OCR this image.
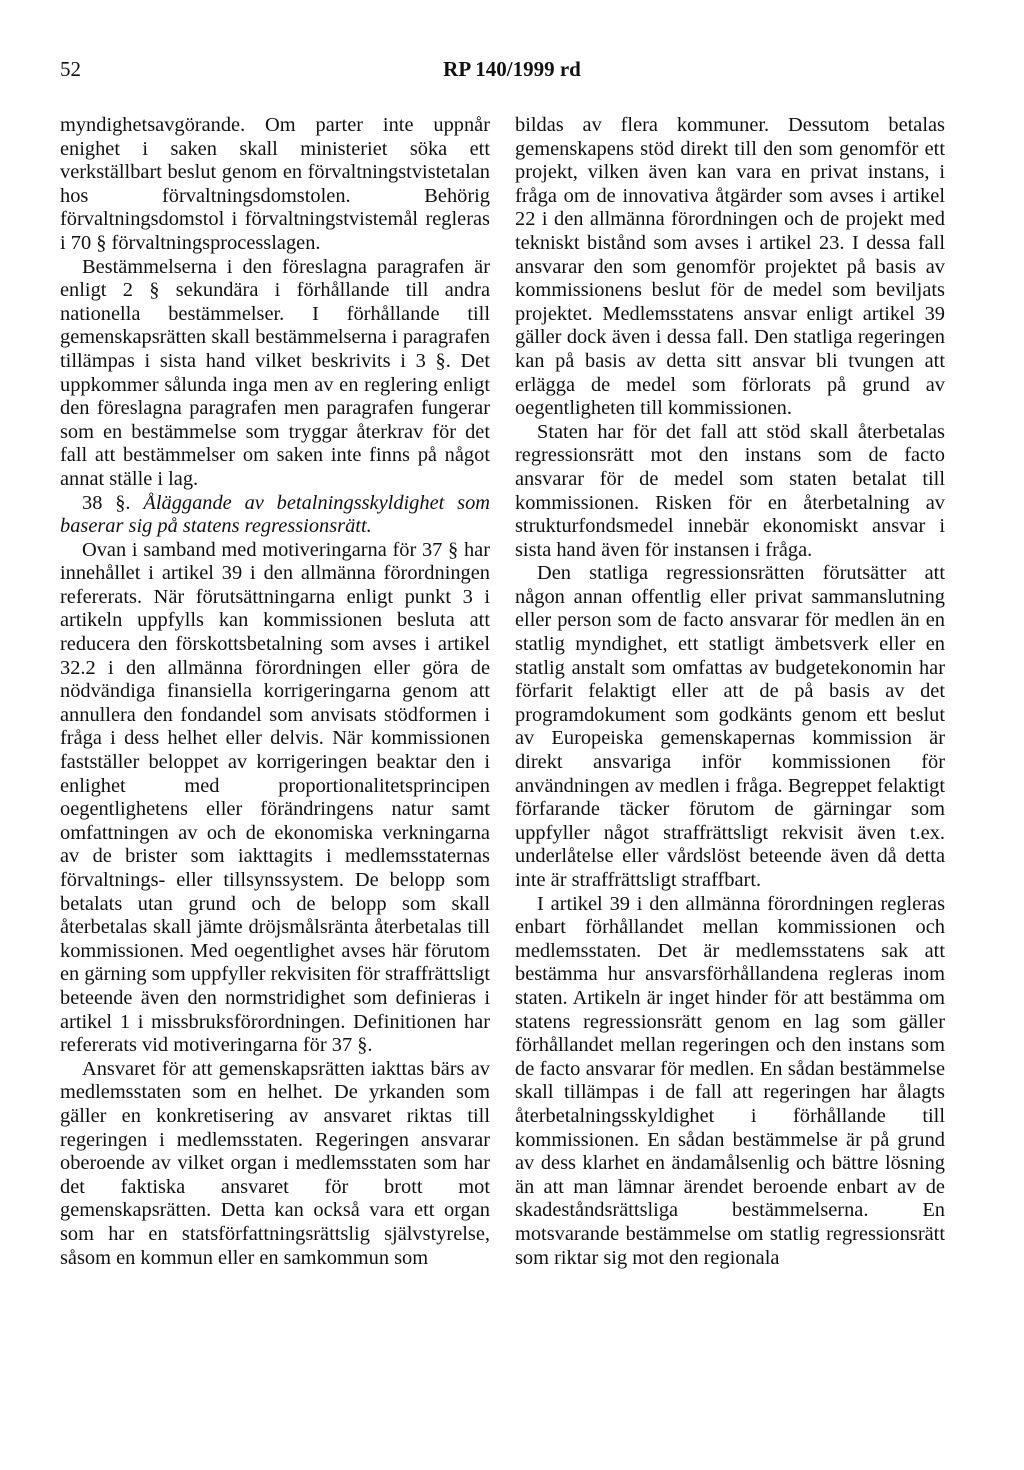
52	RP 140/1999 rd

myndighetsavgörande. Om parter inte uppnår enighet i saken skall ministeriet söka ett verkställbart beslut genom en förvaltningstvistetalan hos förvaltningsdomstolen. Behörig förvaltningsdomstol i förvaltningstvistemål regleras i 70 § förvaltningsprocesslagen.

Bestämmelserna i den föreslagna paragrafen är enligt 2 § sekundära i förhållande till andra nationella bestämmelser. I förhållande till gemenskapsrätten skall bestämmelserna i paragrafen tillämpas i sista hand vilket beskrivits i 3 §. Det uppkommer sålunda inga men av en reglering enligt den föreslagna paragrafen men paragrafen fungerar som en bestämmelse som tryggar återkrav för det fall att bestämmelser om saken inte finns på något annat ställe i lag.

38 §. Åläggande av betalningsskyldighet som baserar sig på statens regressionsrätt.

Ovan i samband med motiveringarna för 37 § har innehållet i artikel 39 i den allmänna förordningen refererats. När förutsättningarna enligt punkt 3 i artikeln uppfylls kan kommissionen besluta att reducera den förskottsbetalning som avses i artikel 32.2 i den allmänna förordningen eller göra de nödvändiga finansiella korrigeringarna genom att annullera den fondandel som anvisats stödformen i fråga i dess helhet eller delvis. När kommissionen fastställer beloppet av korrigeringen beaktar den i enlighet med proportionalitetsprincipen oegentlighetens eller förändringens natur samt omfattningen av och de ekonomiska verkningarna av de brister som iakttagits i medlemsstaternas förvaltnings- eller tillsynssystem. De belopp som betalats utan grund och de belopp som skall återbetalas skall jämte dröjsmålsränta återbetalas till kommissionen. Med oegentlighet avses här förutom en gärning som uppfyller rekvisiten för straffrättsligt beteende även den normstridighet som definieras i artikel 1 i missbruksförordningen. Definitionen har refererats vid motiveringarna för 37 §.

Ansvaret för att gemenskapsrätten iakttas bärs av medlemsstaten som en helhet. De yrkanden som gäller en konkretisering av ansvaret riktas till regeringen i medlemsstaten. Regeringen ansvarar oberoende av vilket organ i medlemsstaten som har det faktiska ansvaret för brott mot gemenskapsrätten. Detta kan också vara ett organ som har en statsförfattningsrättslig självstyrelse, såsom en kommun eller en samkommun som

bildas av flera kommuner. Dessutom betalas gemenskapens stöd direkt till den som genomför ett projekt, vilken även kan vara en privat instans, i fråga om de innovativa åtgärder som avses i artikel 22 i den allmänna förordningen och de projekt med tekniskt bistånd som avses i artikel 23. I dessa fall ansvarar den som genomför projektet på basis av kommissionens beslut för de medel som beviljats projektet. Medlemsstatens ansvar enligt artikel 39 gäller dock även i dessa fall. Den statliga regeringen kan på basis av detta sitt ansvar bli tvungen att erlägga de medel som förlorats på grund av oegentligheten till kommissionen.

Staten har för det fall att stöd skall återbetalas regressionsrätt mot den instans som de facto ansvarar för de medel som staten betalat till kommissionen. Risken för en återbetalning av strukturfondsmedel innebär ekonomiskt ansvar i sista hand även för instansen i fråga.

Den statliga regressionsrätten förutsätter att någon annan offentlig eller privat sammanslutning eller person som de facto ansvarar för medlen än en statlig myndighet, ett statligt ämbetsverk eller en statlig anstalt som omfattas av budgetekonomin har förfarit felaktigt eller att de på basis av det programdokument som godkänts genom ett beslut av Europeiska gemenskapernas kommission är direkt ansvariga inför kommissionen för användningen av medlen i fråga. Begreppet felaktigt förfarande täcker förutom de gärningar som uppfyller något straffrättsligt rekvisit även t.ex. underlåtelse eller vårdslöst beteende även då detta inte är straffrättsligt straffbart.

I artikel 39 i den allmänna förordningen regleras enbart förhållandet mellan kommissionen och medlemsstaten. Det är medlemsstatens sak att bestämma hur ansvarsförhållandena regleras inom staten. Artikeln är inget hinder för att bestämma om statens regressionsrätt genom en lag som gäller förhållandet mellan regeringen och den instans som de facto ansvarar för medlen. En sådan bestämmelse skall tillämpas i de fall att regeringen har ålagts återbetalningsskyldighet i förhållande till kommissionen. En sådan bestämmelse är på grund av dess klarhet en ändamålsenlig och bättre lösning än att man lämnar ärendet beroende enbart av de skadeståndsrättsliga bestämmelserna. En motsvarande bestämmelse om statlig regressionsrätt som riktar sig mot den regionala
